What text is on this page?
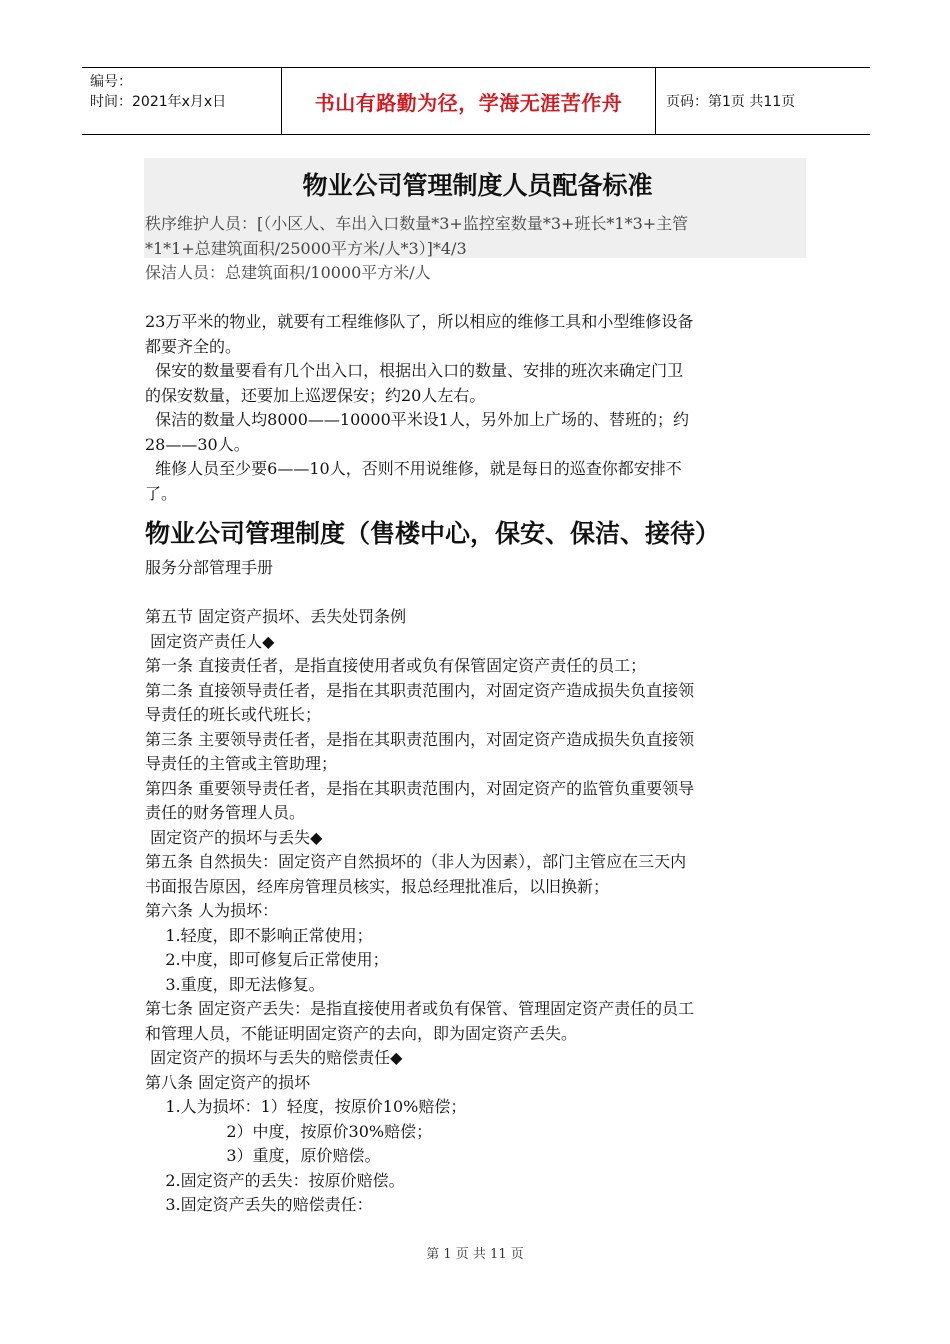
编号：
时间：2021年x月x日	书山有路勤为径，学海无涯苦作舟	页码：第1页 共11页
物业公司管理制度人员配备标准
秩序维护人员：[（小区人、车出入口数量*3+监控室数量*3+班长*1*3+主管
*1*1+总建筑面积/25000平方米/人*3）]*4/3
保洁人员：总建筑面积/10000平方米/人
23万平米的物业，就要有工程维修队了，所以相应的维修工具和小型维修设备
都要齐全的。
保安的数量要看有几个出入口，根据出入口的数量、安排的班次来确定门卫
的保安数量，还要加上巡逻保安；约20人左右。
保洁的数量人均8000——10000平米设1人，另外加上广场的、替班的；约
28——30人。
维修人员至少要6——10人，否则不用说维修，就是每日的巡查你都安排不
了。
物业公司管理制度（售楼中心，保安、保洁、接待）
服务分部管理手册
第五节 固定资产损坏、丢失处罚条例
固定资产责任人◆
第一条 直接责任者，是指直接使用者或负有保管固定资产责任的员工；
第二条 直接领导责任者，是指在其职责范围内，对固定资产造成损失负直接领
导责任的班长或代班长；
第三条 主要领导责任者，是指在其职责范围内，对固定资产造成损失负直接领
导责任的主管或主管助理；
第四条 重要领导责任者，是指在其职责范围内，对固定资产的监管负重要领导
责任的财务管理人员。
固定资产的损坏与丢失◆
第五条 自然损失：固定资产自然损坏的（非人为因素），部门主管应在三天内
书面报告原因，经库房管理员核实，报总经理批准后，以旧换新；
第六条 人为损坏：
1.轻度，即不影响正常使用；
2.中度，即可修复后正常使用；
3.重度，即无法修复。
第七条 固定资产丢失：是指直接使用者或负有保管、管理固定资产责任的员工
和管理人员，不能证明固定资产的去向，即为固定资产丢失。
固定资产的损坏与丢失的赔偿责任◆
第八条 固定资产的损坏
1.人为损坏：1）轻度，按原价10%赔偿；
2）中度，按原价30%赔偿；
3）重度，原价赔偿。
2.固定资产的丢失：按原价赔偿。
3.固定资产丢失的赔偿责任：
第 1 页 共 11 页
